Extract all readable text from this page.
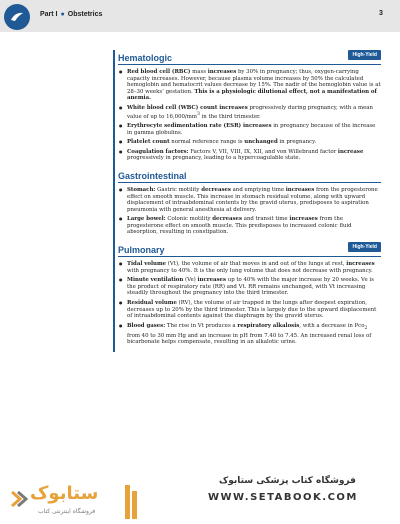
Part I ● Obstetrics	3
Hematologic	High-Yield
● Red blood cell (RBC) mass increases by 30% in pregnancy; thus, oxygen-carrying capacity increases. However, because plasma volume increases by 50% the calculated hemoglobin and hematocrit values decrease by 15%. The nadir of the hemoglobin value is at 28–30 weeks’ gestation. This is a physiologic dilutional effect, not a manifestation of anemia.
● White blood cell (WBC) count increases progressively during pregnancy, with a mean value of up to $16,000/mm^3$ in the third trimester.
● Erythrocyte sedimentation rate (ESR) increases in pregnancy because of the increase in gamma globulins.
● Platelet count normal reference range is unchanged in pregnancy.
● Coagulation factors: Factors V, VII, VIII, IX, XII, and von Willebrand factor increase progressively in pregnancy, leading to a hypercoagulable state.
Gastrointestinal
● Stomach: Gastric motility decreases and emptying time increases from the progesterone effect on smooth muscle. This increase in stomach residual volume, along with upward displacement of intraabdominal contents by the gravid uterus, predisposes to aspiration pneumonia with general anesthesia at delivery.
● Large bowel: Colonic motility decreases and transit time increases from the progesterone effect on smooth muscle. This predisposes to increased colonic fluid absorption, resulting in constipation.
Pulmonary	High-Yield
● Tidal volume (Vt), the volume of air that moves in and out of the lungs at rest, increases with pregnancy to 40%. It is the only lung volume that does not decrease with pregnancy.
● Minute ventilation (Ve) increases up to 40% with the major increase by 20 weeks. Ve is the product of respiratory rate (RR) and Vt. RR remains unchanged, with Vt increasing steadily throughout the pregnancy into the third trimester.
● Residual volume (RV), the volume of air trapped in the lungs after deepest expiration, decreases up to 20% by the third trimester. This is largely due to the upward displacement of intraabdominal contents against the diaphragm by the gravid uterus.
● Blood gases: The rise in Vt produces a respiratory alkalosis, with a decrease in Pco$_2$ from 40 to 30 mm Hg and an increase in pH from 7.40 to 7.45. An increased renal loss of bicarbonate helps compensate, resulting in an alkalotic urine.
ستابوک
فروشگاه اینترنتی کتاب
فروشگاه کتاب پزشکی ستابوک
WWW.SETABOOK.COM
